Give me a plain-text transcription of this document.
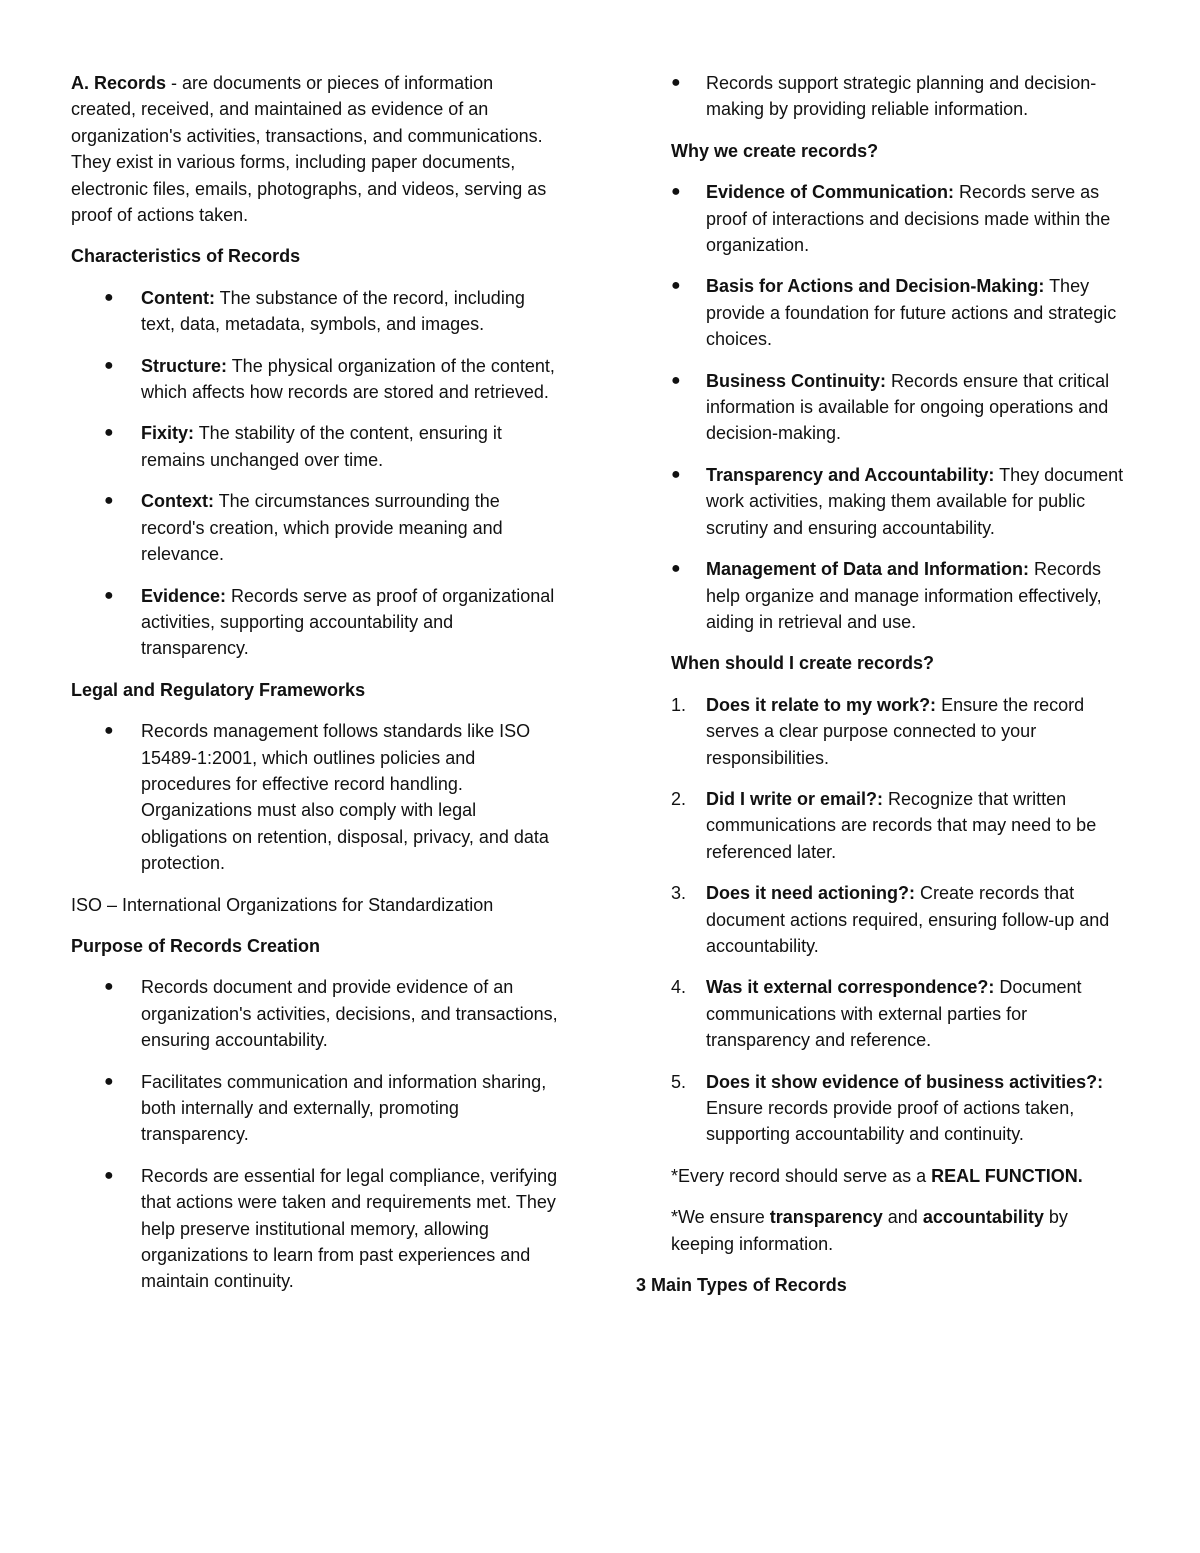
A. Records - are documents or pieces of information created, received, and maintained as evidence of an organization's activities, transactions, and communications. They exist in various forms, including paper documents, electronic files, emails, photographs, and videos, serving as proof of actions taken.

Characteristics of Records
● Content: The substance of the record, including text, data, metadata, symbols, and images.
● Structure: The physical organization of the content, which affects how records are stored and retrieved.
● Fixity: The stability of the content, ensuring it remains unchanged over time.
● Context: The circumstances surrounding the record's creation, which provide meaning and relevance.
● Evidence: Records serve as proof of organizational activities, supporting accountability and transparency.
Legal and Regulatory Frameworks
● Records management follows standards like ISO 15489-1:2001, which outlines policies and procedures for effective record handling. Organizations must also comply with legal obligations on retention, disposal, privacy, and data protection.

ISO – International Organizations for Standardization

Purpose of Records Creation
● Records document and provide evidence of an organization's activities, decisions, and transactions, ensuring accountability.
● Facilitates communication and information sharing, both internally and externally, promoting transparency.
● Records are essential for legal compliance, verifying that actions were taken and requirements met. They help preserve institutional memory, allowing organizations to learn from past experiences and maintain continuity.
● Records support strategic planning and decision-making by providing reliable information.
Why we create records?
● Evidence of Communication: Records serve as proof of interactions and decisions made within the organization.
● Basis for Actions and Decision-Making: They provide a foundation for future actions and strategic choices.
● Business Continuity: Records ensure that critical information is available for ongoing operations and decision-making.
● Transparency and Accountability: They document work activities, making them available for public scrutiny and ensuring accountability.
● Management of Data and Information: Records help organize and manage information effectively, aiding in retrieval and use.
When should I create records?
1. Does it relate to my work?: Ensure the record serves a clear purpose connected to your responsibilities.
2. Did I write or email?: Recognize that written communications are records that may need to be referenced later.
3. Does it need actioning?: Create records that document actions required, ensuring follow-up and accountability.
4. Was it external correspondence?: Document communications with external parties for transparency and reference.
5. Does it show evidence of business activities?: Ensure records provide proof of actions taken, supporting accountability and continuity.

*Every record should serve as a REAL FUNCTION.

*We ensure transparency and accountability by keeping information.

3 Main Types of Records
